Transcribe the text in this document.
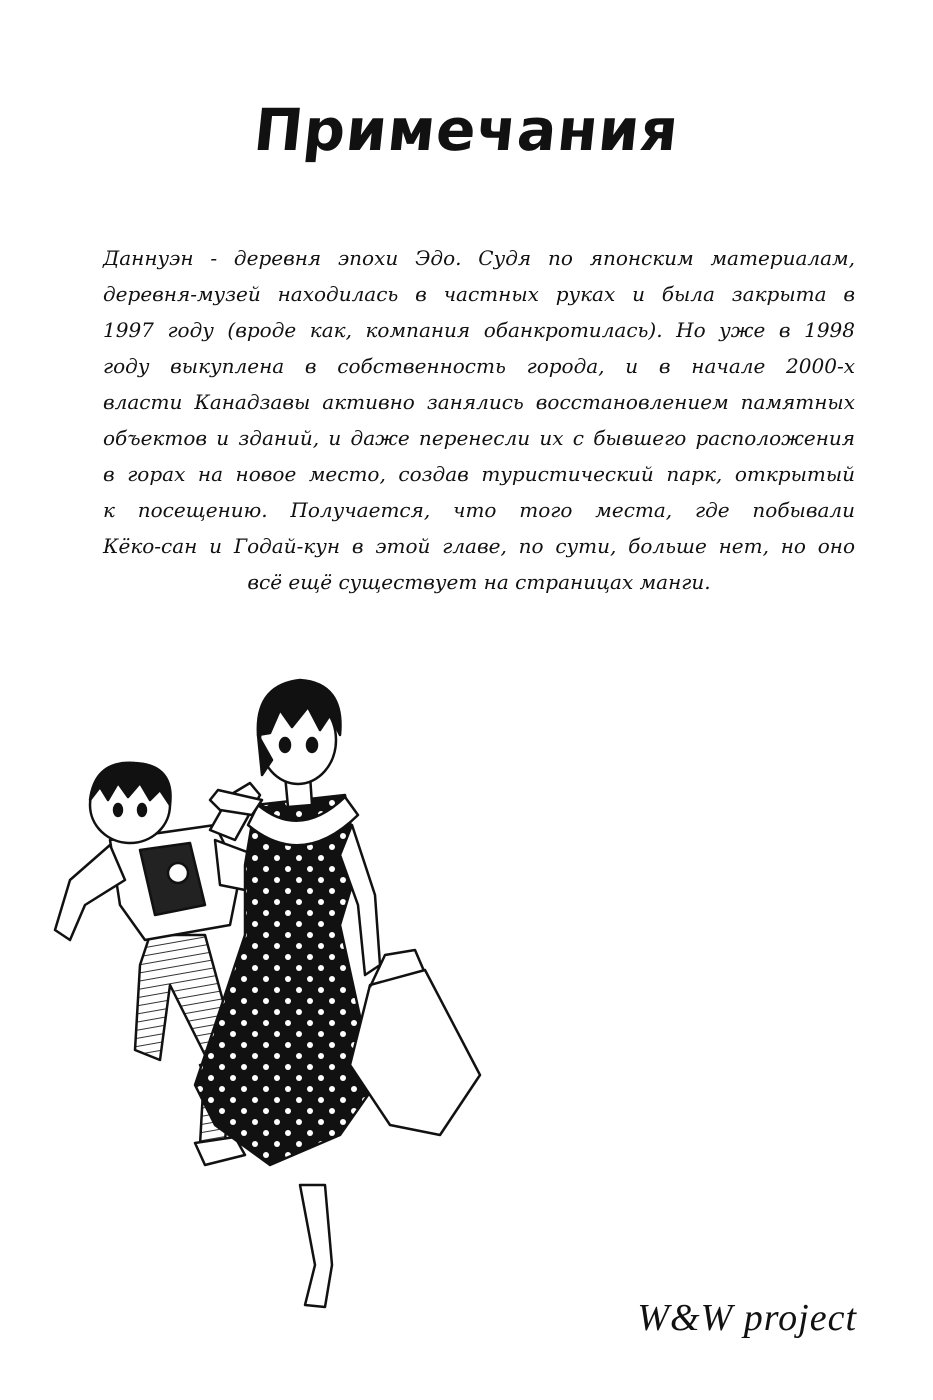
Примечания
Даннуэн - деревня эпохи Эдо. Судя по японским материалам,
деревня-музей находилась в частных руках и была закрыта в
1997 году (вроде как, компания обанкротилась). Но уже в 1998
году выкуплена в собственность города, и в начале 2000-х
власти Канадзавы активно занялись восстановлением памятных
объектов и зданий, и даже перенесли их с бывшего расположения
в горах на новое место, создав туристический парк, открытый
к посещению. Получается, что того места, где побывали
Кёко-сан и Годай-кун в этой главе, по сути, больше нет, но оно
всё ещё существует на страницах манги.
W&W project
